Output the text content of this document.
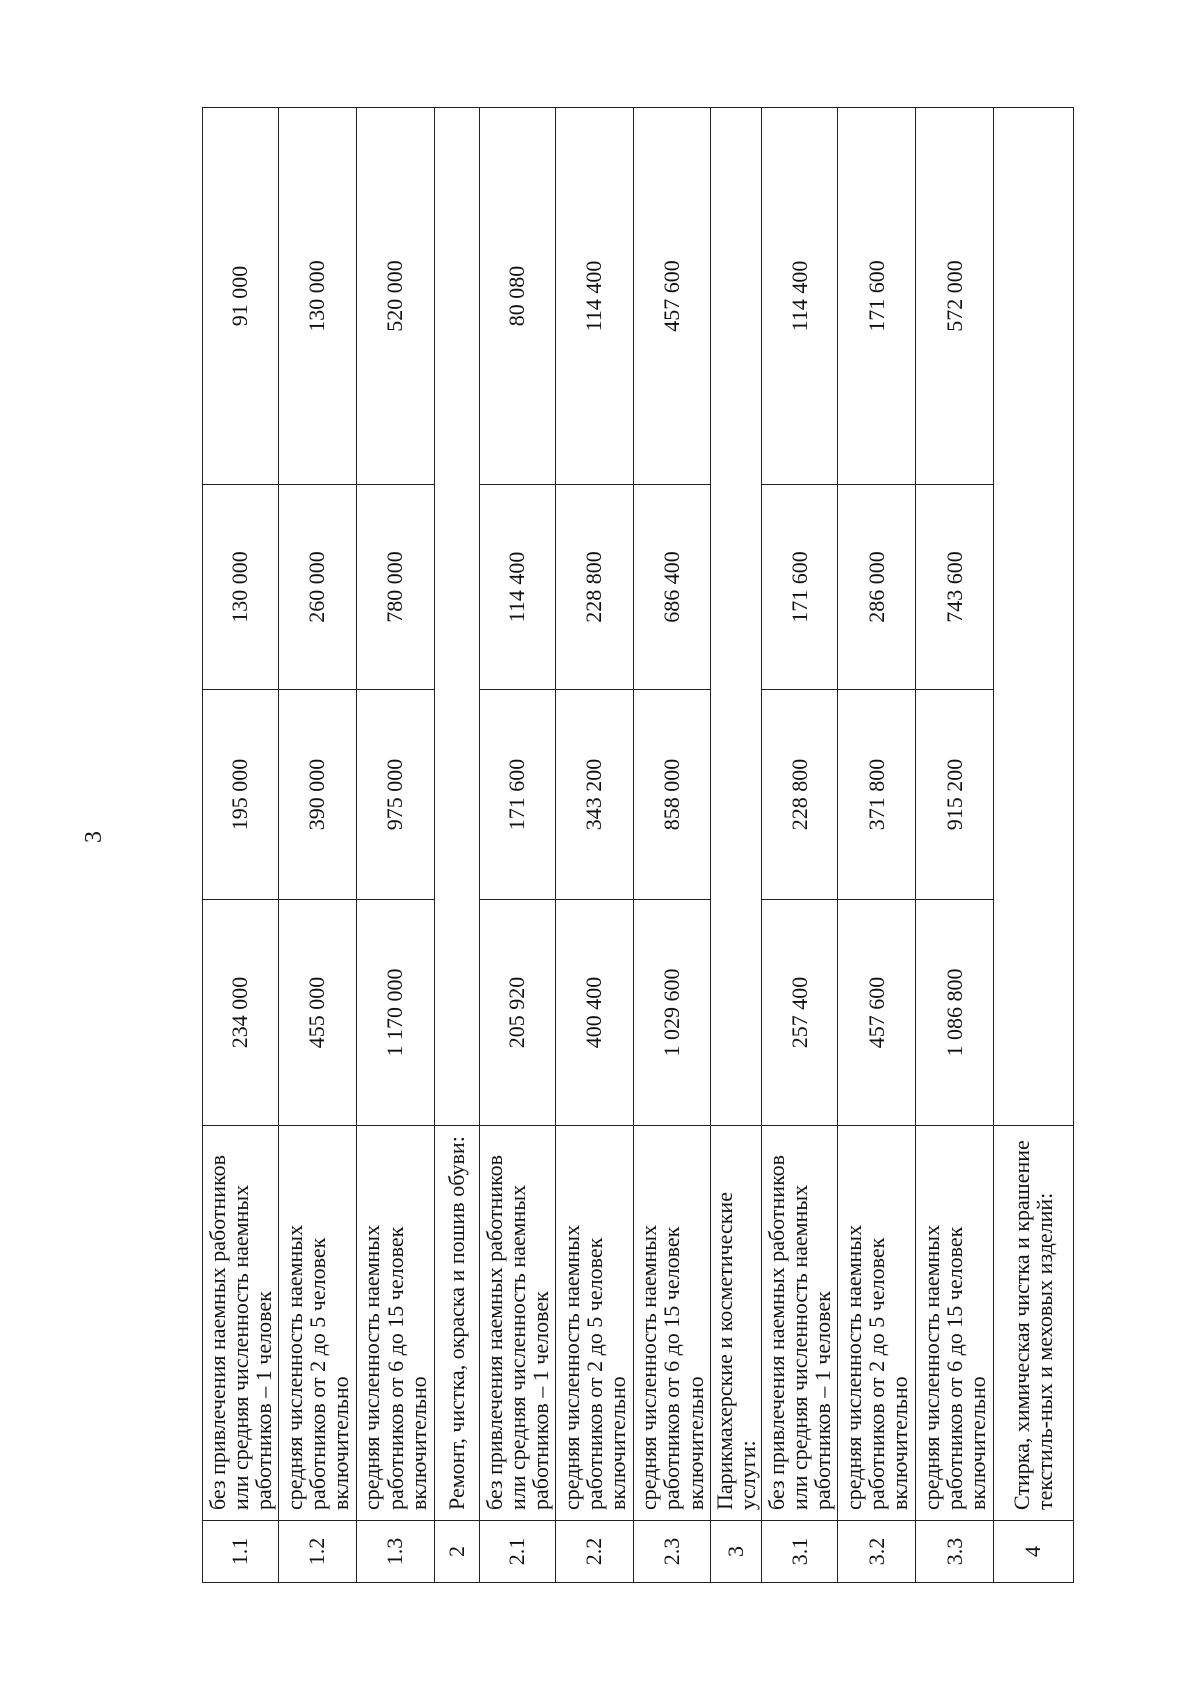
3
1.1	без привлечения наемных работников или средняя численность наемных работников – 1 человек	234 000	195 000	130 000	91 000
1.2	средняя численность наемных работников от 2 до 5 человек включительно	455 000	390 000	260 000	130 000
1.3	средняя численность наемных работников от 6 до 15 человек включительно	1 170 000	975 000	780 000	520 000
2	Ремонт, чистка, окраска и пошив обуви:				
2.1	без привлечения наемных работников или средняя численность наемных работников – 1 человек	205 920	171 600	114 400	80 080
2.2	средняя численность наемных работников от 2 до 5 человек включительно	400 400	343 200	228 800	114 400
2.3	средняя численность наемных работников от 6 до 15 человек включительно	1 029 600	858 000	686 400	457 600
3	Парикмахерские и косметические услуги:				
3.1	без привлечения наемных работников или средняя численность наемных работников – 1 человек	257 400	228 800	171 600	114 400
3.2	средняя численность наемных работников от 2 до 5 человек включительно	457 600	371 800	286 000	171 600
3.3	средняя численность наемных работников от 6 до 15 человек включительно	1 086 800	915 200	743 600	572 000
4	Стирка, химическая чистка и крашение текстиль-ных и меховых изделий:				
